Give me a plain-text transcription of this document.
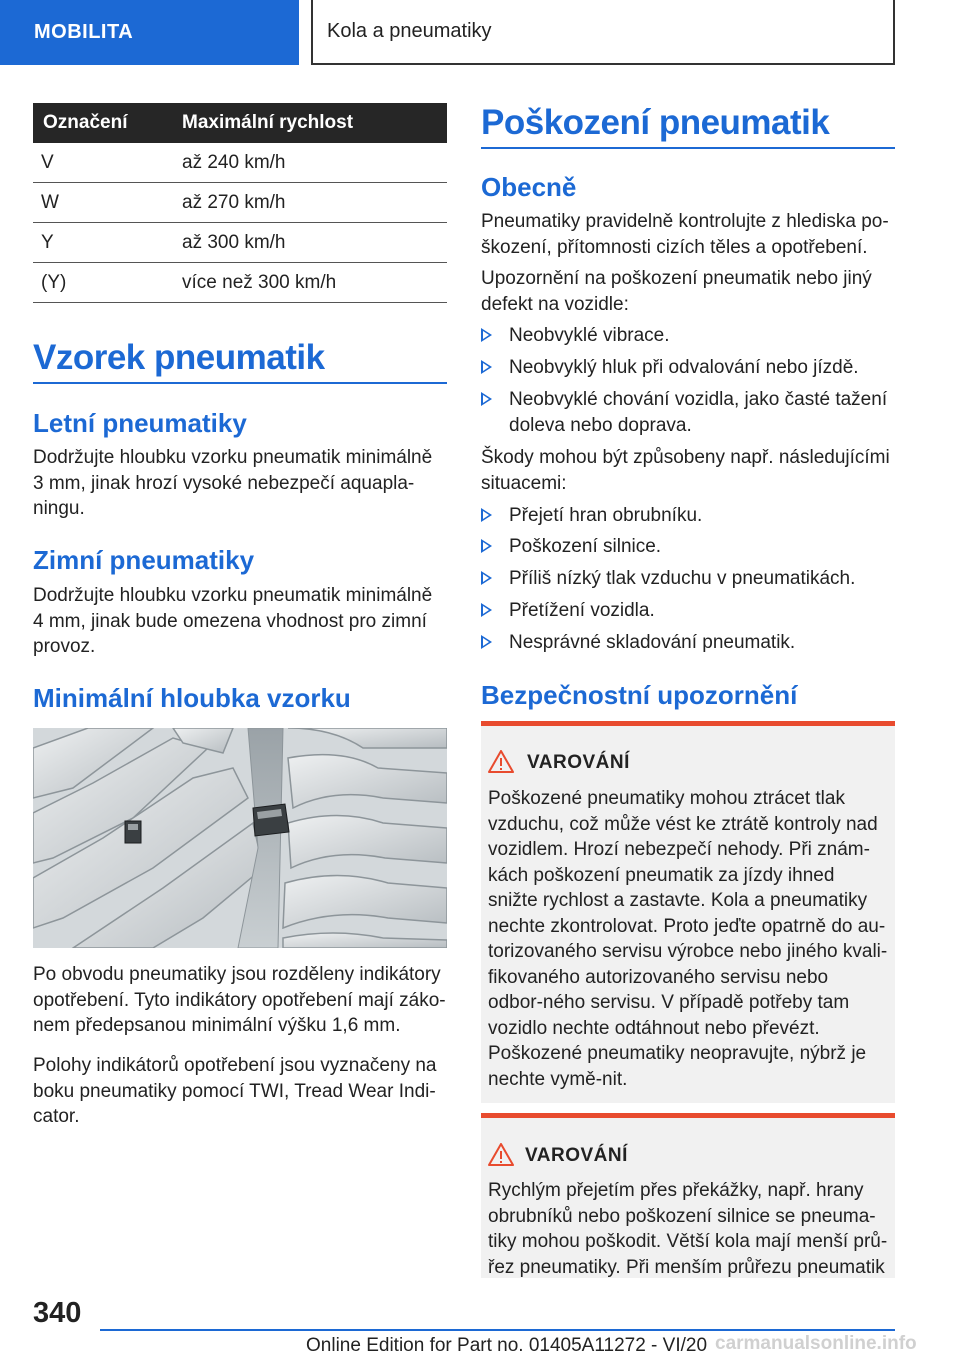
MOBILITA	Kola a pneumatiky
Označení	Maximální rychlost
V	až 240 km/h
W	až 270 km/h
Y	až 300 km/h
(Y)	více než 300 km/h
Vzorek pneumatik
Letní pneumatiky

Dodržujte hloubku vzorku pneumatik minimálně 3 mm, jinak hrozí vysoké nebezpečí aquapla‐ningu.

Zimní pneumatiky

Dodržujte hloubku vzorku pneumatik minimálně 4 mm, jinak bude omezena vhodnost pro zimní provoz.

Minimální hloubka vzorku

Po obvodu pneumatiky jsou rozděleny indikátory opotřebení. Tyto indikátory opotřebení mají záko‐nem předepsanou minimální výšku 1,6 mm.

Polohy indikátorů opotřebení jsou vyznačeny na boku pneumatiky pomocí TWI, Tread Wear Indi‐cator.

Poškození pneumatik
Obecně

Pneumatiky pravidelně kontrolujte z hlediska po‐škození, přítomnosti cizích těles a opotřebení.

Upozornění na poškození pneumatik nebo jiný defekt na vozidle:

Neobvyklé vibrace.
Neobvyklý hluk při odvalování nebo jízdě.
Neobvyklé chování vozidla, jako časté tažení doleva nebo doprava.

Škody mohou být způsobeny např. následujícími situacemi:

Přejetí hran obrubníku.
Poškození silnice.
Příliš nízký tlak vzduchu v pneumatikách.
Přetížení vozidla.
Nesprávné skladování pneumatik.
Bezpečnostní upozornění
VAROVÁNÍ
Poškozené pneumatiky mohou ztrácet tlak vzduchu, což může vést ke ztrátě kontroly nad vozidlem. Hrozí nebezpečí nehody. Při znám‐kách poškození pneumatik za jízdy ihned snižte rychlost a zastavte. Kola a pneumatiky nechte zkontrolovat. Proto jeďte opatrně do au‐torizovaného servisu výrobce nebo jiného kvali‐fikovaného autorizovaného servisu nebo odbor‐ného servisu. V případě potřeby tam vozidlo nechte odtáhnout nebo převézt. Poškozené pneumatiky neopravujte, nýbrž je nechte vymě‐nit.
VAROVÁNÍ
Rychlým přejetím přes překážky, např. hrany obrubníků nebo poškození silnice se pneuma‐tiky mohou poškodit. Větší kola mají menší prů‐řez pneumatiky. Při menším průřezu pneumatik
340
Online Edition for Part no. 01405A11272 - VI/20 carmanualsonline.info
